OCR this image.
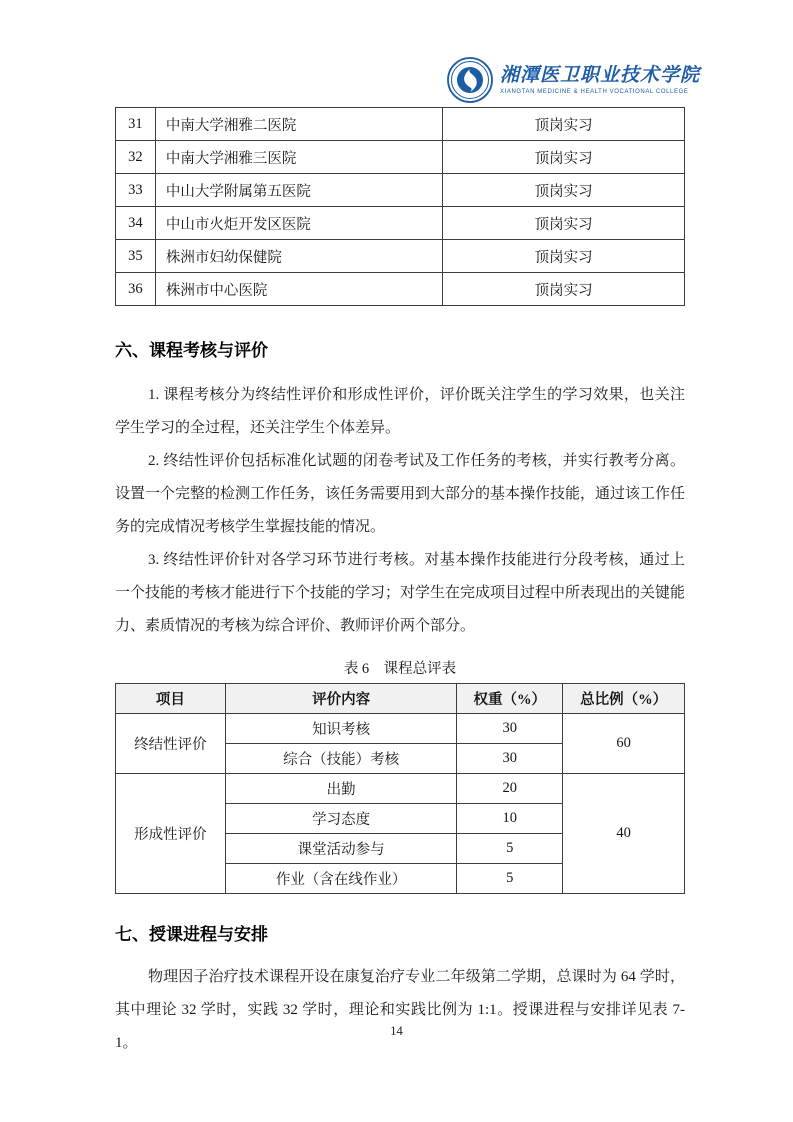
湘潭医卫职业技术学院
XIANGTAN MEDICINE & HEALTH VOCATIONAL COLLEGE
31	中南大学湘雅二医院	顶岗实习
32	中南大学湘雅三医院	顶岗实习
33	中山大学附属第五医院	顶岗实习
34	中山市火炬开发区医院	顶岗实习
35	株洲市妇幼保健院	顶岗实习
36	株洲市中心医院	顶岗实习
六、课程考核与评价

1. 课程考核分为终结性评价和形成性评价，评价既关注学生的学习效果，也关注学生学习的全过程，还关注学生个体差异。

2. 终结性评价包括标准化试题的闭卷考试及工作任务的考核，并实行教考分离。设置一个完整的检测工作任务，该任务需要用到大部分的基本操作技能，通过该工作任务的完成情况考核学生掌握技能的情况。

3. 终结性评价针对各学习环节进行考核。对基本操作技能进行分段考核，通过上一个技能的考核才能进行下个技能的学习；对学生在完成项目过程中所表现出的关键能力、素质情况的考核为综合评价、教师评价两个部分。

表 6　课程总评表
项目	评价内容	权重（%）	总比例（%）
终结性评价	知识考核	30	60
	综合（技能）考核	30	
形成性评价	出勤	20	40
	学习态度	10	
	课堂活动参与	5	
	作业（含在线作业）	5	
七、授课进程与安排

物理因子治疗技术课程开设在康复治疗专业二年级第二学期，总课时为 64 学时，其中理论 32 学时，实践 32 学时，理论和实践比例为 1:1。授课进程与安排详见表 7-1。

14
